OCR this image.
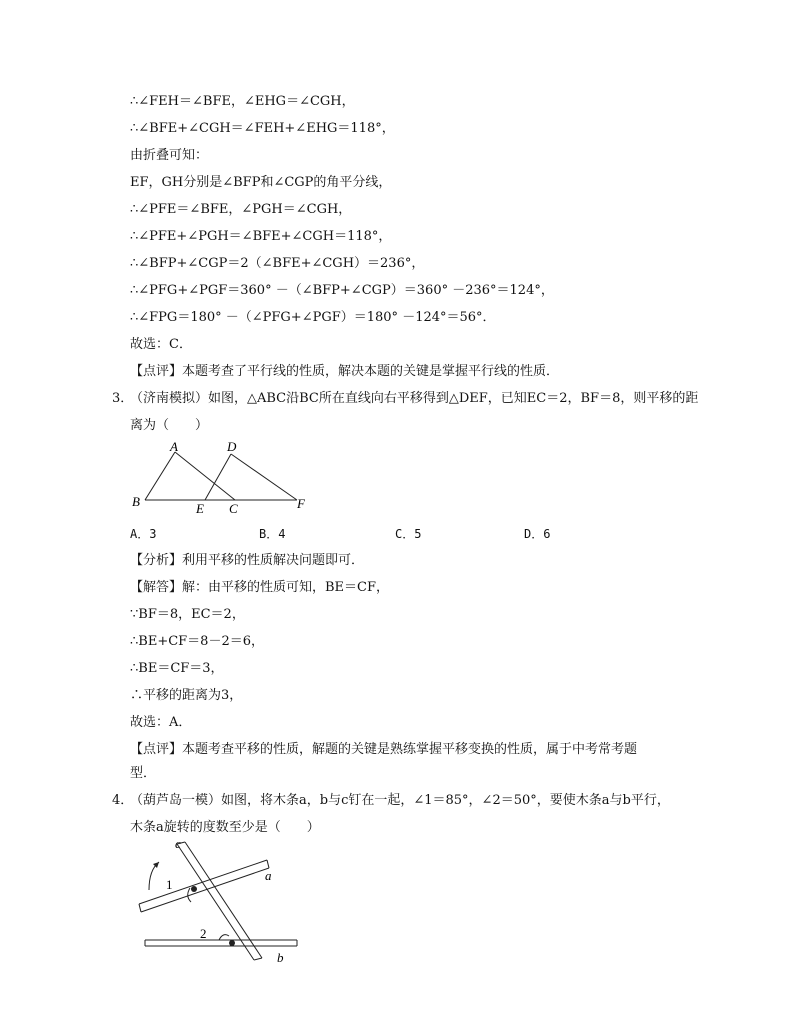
∴∠FEH＝∠BFE，∠EHG＝∠CGH，
∴∠BFE+∠CGH＝∠FEH+∠EHG＝118°，
由折叠可知：
EF，GH分别是∠BFP和∠CGP的角平分线，
∴∠PFE＝∠BFE，∠PGH＝∠CGH，
∴∠PFE+∠PGH＝∠BFE+∠CGH＝118°，
∴∠BFP+∠CGP＝2（∠BFE+∠CGH）＝236°，
∴∠PFG+∠PGF＝360° －（∠BFP+∠CGP）＝360° －236°＝124°，
∴∠FPG＝180° －（∠PFG+∠PGF）＝180° －124°＝56°．
故选：C．
【点评】本题考查了平行线的性质，解决本题的关键是掌握平行线的性质．
3．
（济南模拟）如图，△ABC沿BC所在直线向右平移得到△DEF，已知EC＝2，BF＝8，则平移的距
离为（　　）
A	D
B	E C	F
A．3	B．4	C．5	D．6
【分析】利用平移的性质解决问题即可．
【解答】解：由平移的性质可知，BE＝CF，
∵BF＝8，EC＝2，
∴BE+CF＝8－2＝6，
∴BE＝CF＝3，
∴平移的距离为3，
故选：A．
【点评】本题考查平移的性质，解题的关键是熟练掌握平移变换的性质，属于中考常考题
型．
4．
（葫芦岛一模）如图，将木条a，b与c钉在一起，∠1＝85°，∠2＝50°，要使木条a与b平行，
木条a旋转的度数至少是（　　）
c
a
b
1
2
